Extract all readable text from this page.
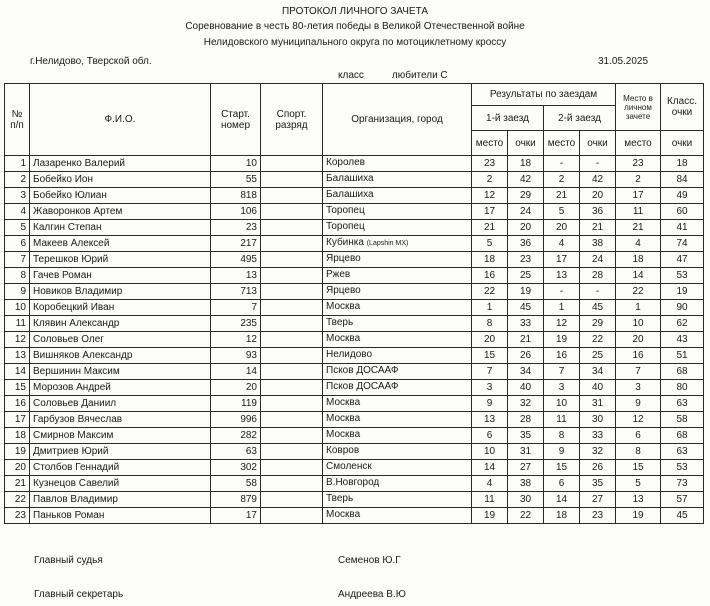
ПРОТОКОЛ ЛИЧНОГО ЗАЧЕТА
Соревнование в честь 80-летия победы в Великой Отечественной войне
Нелидовского муниципального округа по мотоциклетному кроссу
г.Нелидово, Тверской обл.	31.05.2025
класс	любители С
№ п/п	Ф.И.О.	Старт. номер	Спорт. разряд	Организация, город	Результаты по заездам				Место в личном зачете	Класс. очки
					1-й заезд		2-й заезд			
					место	очки	место	очки	место	очки
1	Лазаренко Валерий	10		Королев	23	18	-	-	23	18
2	Бобейко Ион	55		Балашиха	2	42	2	42	2	84
3	Бобейко Юлиан	818		Балашиха	12	29	21	20	17	49
4	Жаворонков Артем	106		Торопец	17	24	5	36	11	60
5	Калгин Степан	23		Торопец	21	20	20	21	21	41
6	Макеев Алексей	217		Кубинка (Lapshin MX)	5	36	4	38	4	74
7	Терешков Юрий	495		Ярцево	18	23	17	24	18	47
8	Гачев Роман	13		Ржев	16	25	13	28	14	53
9	Новиков Владимир	713		Ярцево	22	19	-	-	22	19
10	Коробецкий Иван	7		Москва	1	45	1	45	1	90
11	Клявин Александр	235		Тверь	8	33	12	29	10	62
12	Соловьев Олег	12		Москва	20	21	19	22	20	43
13	Вишняков Александр	93		Нелидово	15	26	16	25	16	51
14	Вершинин Максим	14		Псков ДОСААФ	7	34	7	34	7	68
15	Морозов Андрей	20		Псков ДОСААФ	3	40	3	40	3	80
16	Соловьев Даниил	119		Москва	9	32	10	31	9	63
17	Гарбузов Вячеслав	996		Москва	13	28	11	30	12	58
18	Смирнов Максим	282		Москва	6	35	8	33	6	68
19	Дмитриев Юрий	63		Ковров	10	31	9	32	8	63
20	Столбов Геннадий	302		Смоленск	14	27	15	26	15	53
21	Кузнецов Савелий	58		В.Новгород	4	38	6	35	5	73
22	Павлов Владимир	879		Тверь	11	30	14	27	13	57
23	Паньков Роман	17		Москва	19	22	18	23	19	45
Главный судья	Семенов Ю.Г
Главный секретарь	Андреева В.Ю
